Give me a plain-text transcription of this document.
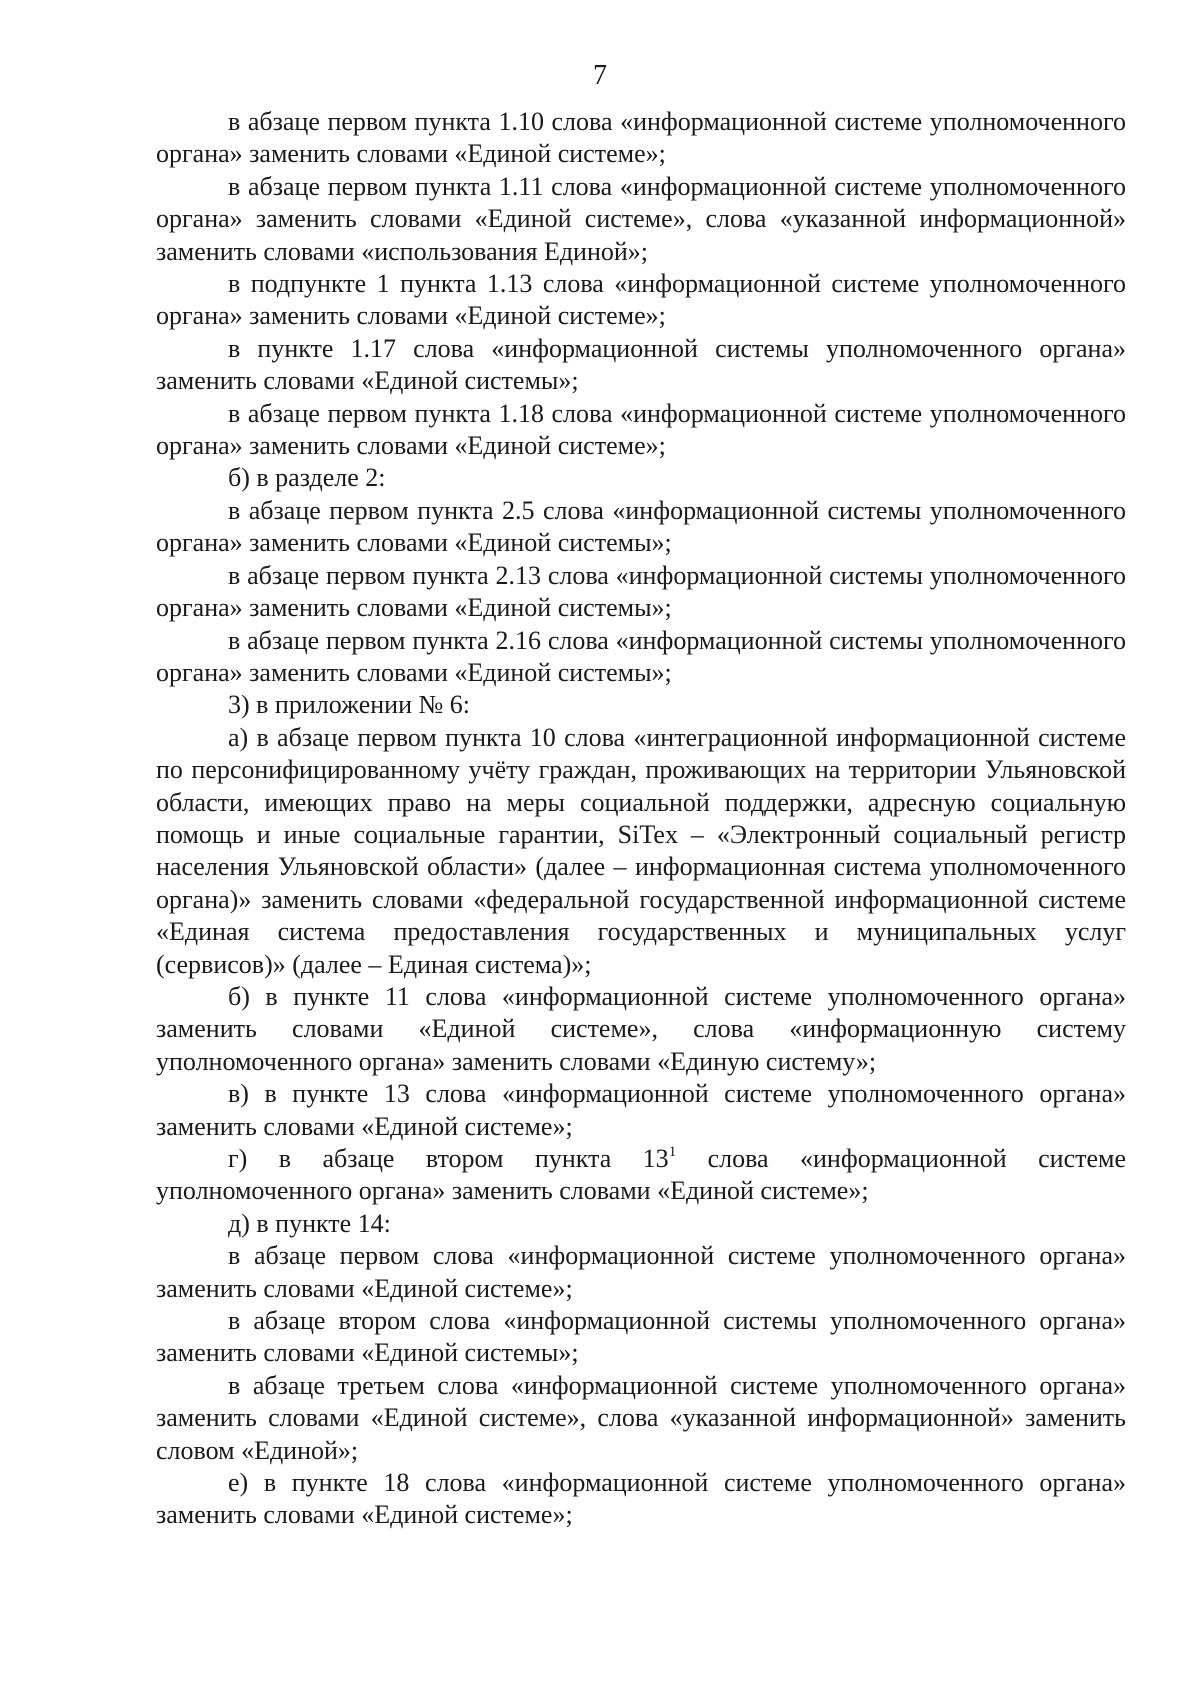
7

в абзаце первом пункта 1.10 слова «информационной системе уполномоченного органа» заменить словами «Единой системе»;

в абзаце первом пункта 1.11 слова «информационной системе уполномоченного органа» заменить словами «Единой системе», слова «указанной информационной» заменить словами «использования Единой»;

в подпункте 1 пункта 1.13 слова «информационной системе уполномоченного органа» заменить словами «Единой системе»;

в пункте 1.17 слова «информационной системы уполномоченного органа» заменить словами «Единой системы»;

в абзаце первом пункта 1.18 слова «информационной системе уполномоченного органа» заменить словами «Единой системе»;

б) в разделе 2:

в абзаце первом пункта 2.5 слова «информационной системы уполномоченного органа» заменить словами «Единой системы»;

в абзаце первом пункта 2.13 слова «информационной системы уполномоченного органа» заменить словами «Единой системы»;

в абзаце первом пункта 2.16 слова «информационной системы уполномоченного органа» заменить словами «Единой системы»;

3) в приложении № 6:

а) в абзаце первом пункта 10 слова «интеграционной информационной системе по персонифицированному учёту граждан, проживающих на территории Ульяновской области, имеющих право на меры социальной поддержки, адресную социальную помощь и иные социальные гарантии, SiTex – «Электронный социальный регистр населения Ульяновской области» (далее – информационная система уполномоченного органа)» заменить словами «федеральной государственной информационной системе «Единая система предоставления государственных и муниципальных услуг (сервисов)» (далее – Единая система)»;

б) в пункте 11 слова «информационной системе уполномоченного органа» заменить словами «Единой системе», слова «информационную систему уполномоченного органа» заменить словами «Единую систему»;

в) в пункте 13 слова «информационной системе уполномоченного органа» заменить словами «Единой системе»;

г) в абзаце втором пункта $13^1$ слова «информационной системе уполномоченного органа» заменить словами «Единой системе»;

д) в пункте 14:

в абзаце первом слова «информационной системе уполномоченного органа» заменить словами «Единой системе»;

в абзаце втором слова «информационной системы уполномоченного органа» заменить словами «Единой системы»;

в абзаце третьем слова «информационной системе уполномоченного органа» заменить словами «Единой системе», слова «указанной информационной» заменить словом «Единой»;

е) в пункте 18 слова «информационной системе уполномоченного органа» заменить словами «Единой системе»;
